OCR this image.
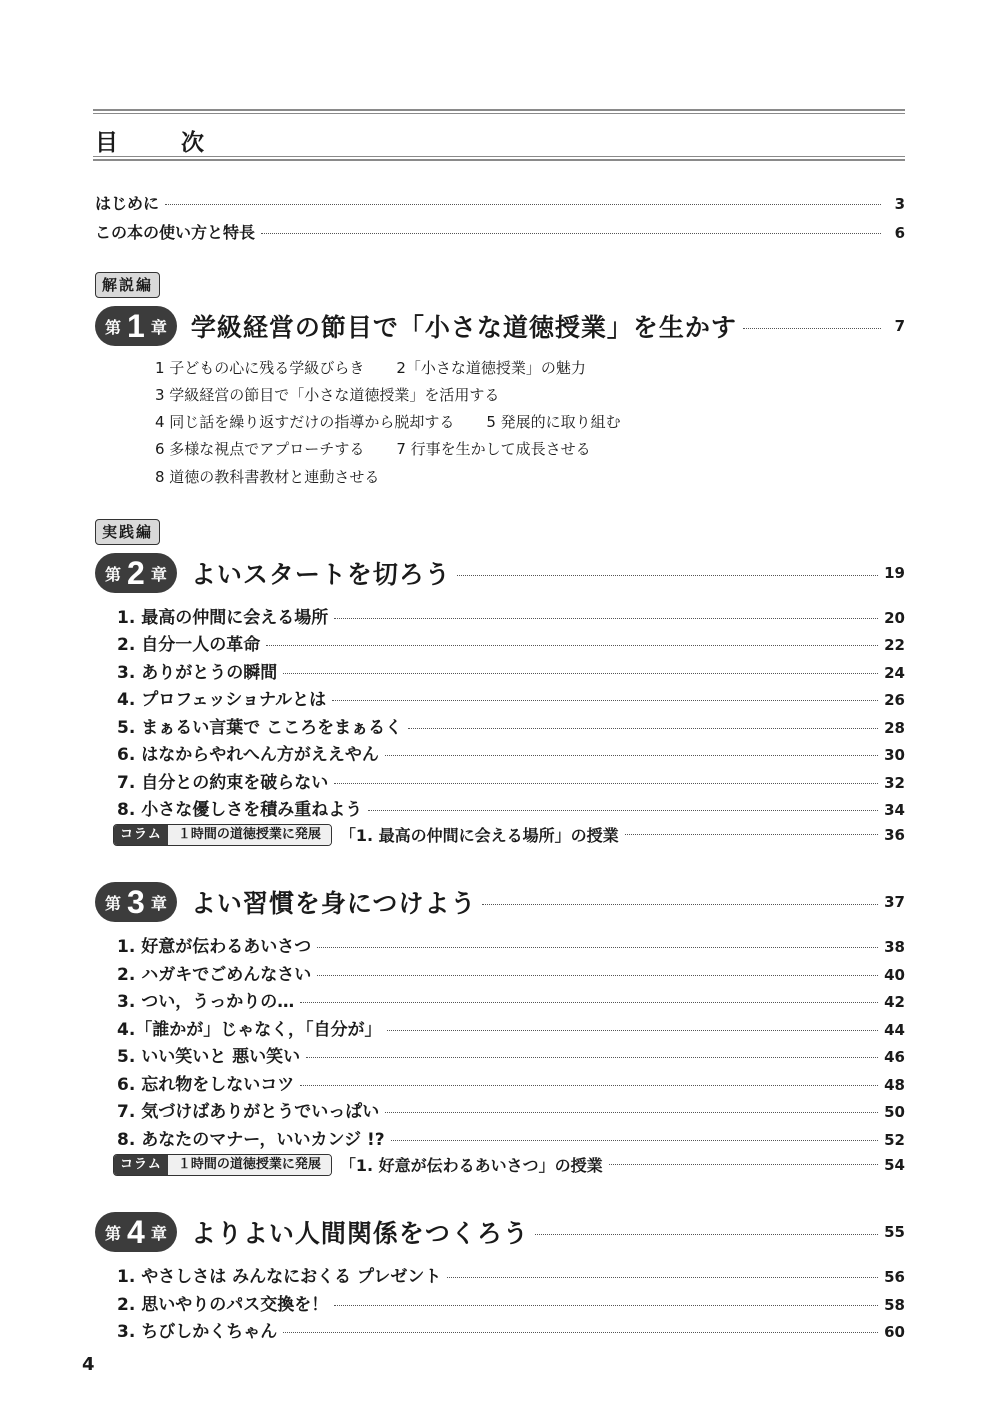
目　次
はじめに	3
この本の使い方と特長	6
解説編
第 1 章 学級経営の節目で「小さな道徳授業」を生かす	7
1 子どもの心に残る学級びらき 2「小さな道徳授業」の魅力
3 学級経営の節目で「小さな道徳授業」を活用する
4 同じ話を繰り返すだけの指導から脱却する 5 発展的に取り組む
6 多様な視点でアプローチする 7 行事を生かして成長させる
8 道徳の教科書教材と連動させる
実践編
第 2 章 よいスタートを切ろう	19
1. 最高の仲間に会える場所	20
2. 自分一人の革命	22
3. ありがとうの瞬間	24
4. プロフェッショナルとは	26
5. まぁるい言葉で こころをまぁるく	28
6. はなからやれへん方がええやん	30
7. 自分との約束を破らない	32
8. 小さな優しさを積み重ねよう	34
コラム	１時間の道徳授業に発展	「1. 最高の仲間に会える場所」の授業	36
第 3 章 よい習慣を身につけよう	37
1. 好意が伝わるあいさつ	38
2. ハガキでごめんなさい	40
3. つい，うっかりの…	42
4.「誰かが」じゃなく，「自分が」	44
5. いい笑いと 悪い笑い	46
6. 忘れ物をしないコツ	48
7. 気づけばありがとうでいっぱい	50
8. あなたのマナー，いいカンジ !?	52
コラム	１時間の道徳授業に発展	「1. 好意が伝わるあいさつ」の授業	54
第 4 章 よりよい人間関係をつくろう	55
1. やさしさは みんなにおくる プレゼント	56
2. 思いやりのパス交換を！	58
3. ちびしかくちゃん	60
4
